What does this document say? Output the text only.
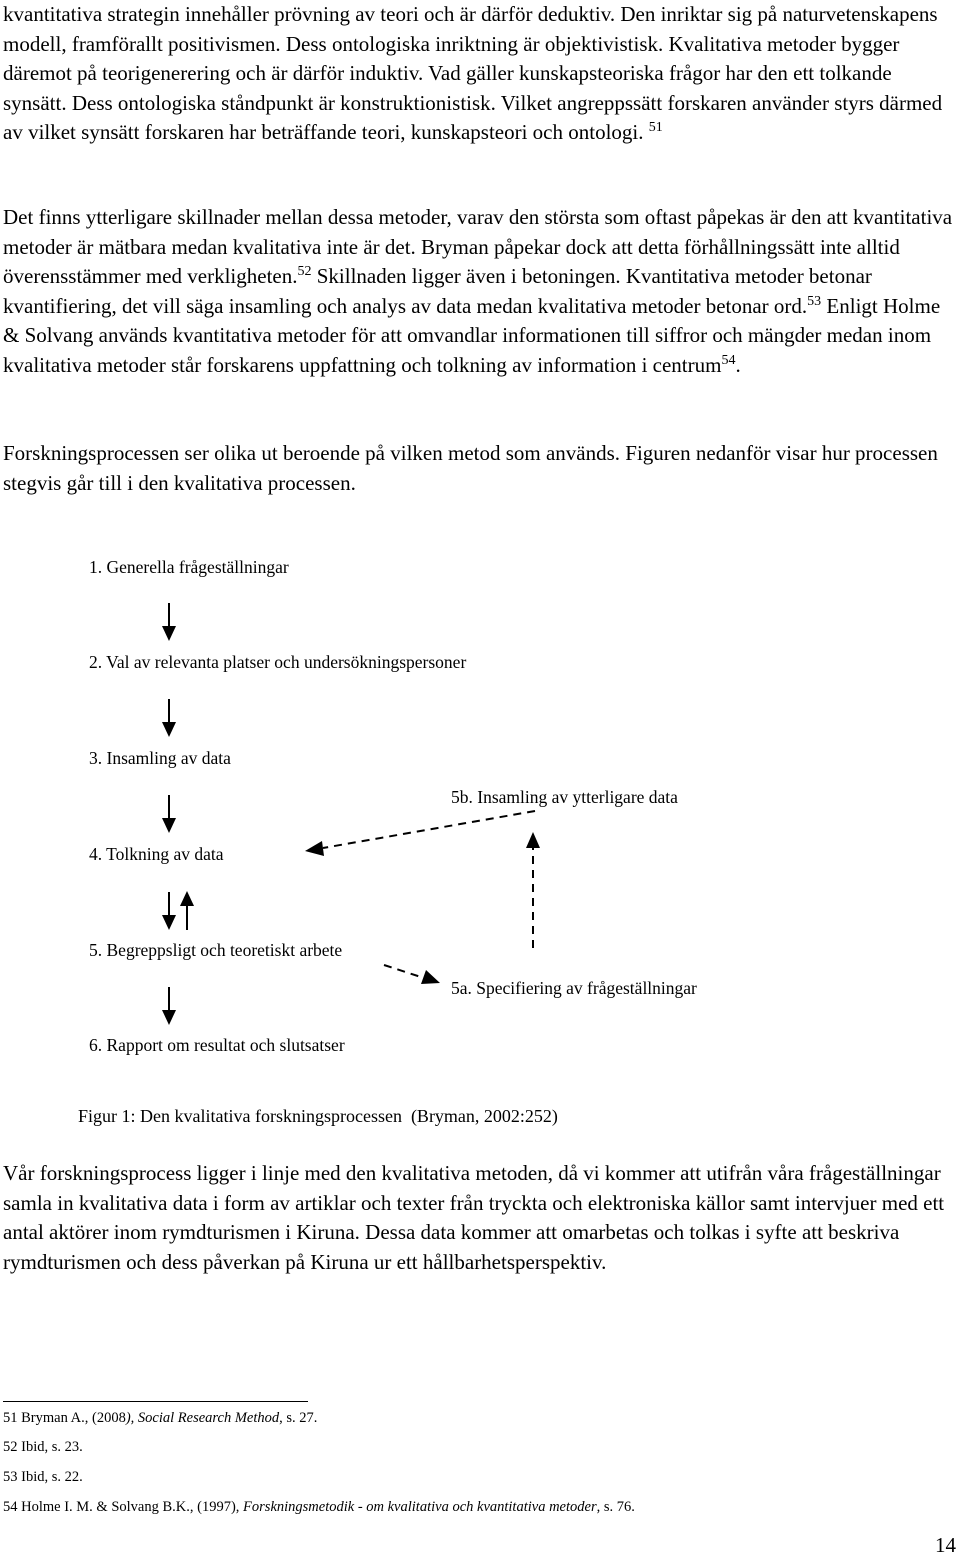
kvantitativa strategin innehåller prövning av teori och är därför deduktiv. Den inriktar sig på naturvetenskapens modell, framförallt positivismen. Dess ontologiska inriktning är objektivistisk. Kvalitativa metoder bygger däremot på teorigenerering och är därför induktiv. Vad gäller kunskapsteoriska frågor har den ett tolkande synsätt. Dess ontologiska ståndpunkt är konstruktionistisk. Vilket angreppssätt forskaren använder styrs därmed av vilket synsätt forskaren har beträffande teori, kunskapsteori och ontologi. $^{51}$

Det finns ytterligare skillnader mellan dessa metoder, varav den största som oftast påpekas är den att kvantitativa metoder är mätbara medan kvalitativa inte är det. Bryman påpekar dock att detta förhållningssätt inte alltid överensstämmer med verkligheten.$^{52}$ Skillnaden ligger även i betoningen. Kvantitativa metoder betonar kvantifiering, det vill säga insamling och analys av data medan kvalitativa metoder betonar ord.$^{53}$ Enligt Holme & Solvang används kvantitativa metoder för att omvandlar informationen till siffror och mängder medan inom kvalitativa metoder står forskarens uppfattning och tolkning av information i centrum$^{54}$.

Forskningsprocessen ser olika ut beroende på vilken metod som används. Figuren nedanför visar hur processen stegvis går till i den kvalitativa processen.

1. Generella frågeställningar
2. Val av relevanta platser och undersökningspersoner
3. Insamling av data
5b. Insamling av ytterligare data
4. Tolkning av data
5. Begreppsligt och teoretiskt arbete
5a. Specifiering av frågeställningar
6. Rapport om resultat och slutsatser
Figur 1: Den kvalitativa forskningsprocessen  (Bryman, 2002:252)

Vår forskningsprocess ligger i linje med den kvalitativa metoden, då vi kommer att utifrån våra frågeställningar samla in kvalitativa data i form av artiklar och texter från tryckta och elektroniska källor samt intervjuer med ett antal aktörer inom rymdturismen i Kiruna. Dessa data kommer att omarbetas och tolkas i syfte att beskriva rymdturismen och dess påverkan på Kiruna ur ett hållbarhetsperspektiv.

51 Bryman A., (2008), Social Research Method, s. 27.
52 Ibid, s. 23.
53 Ibid, s. 22.
54 Holme I. M. & Solvang B.K., (1997), Forskningsmetodik - om kvalitativa och kvantitativa metoder, s. 76.
14
